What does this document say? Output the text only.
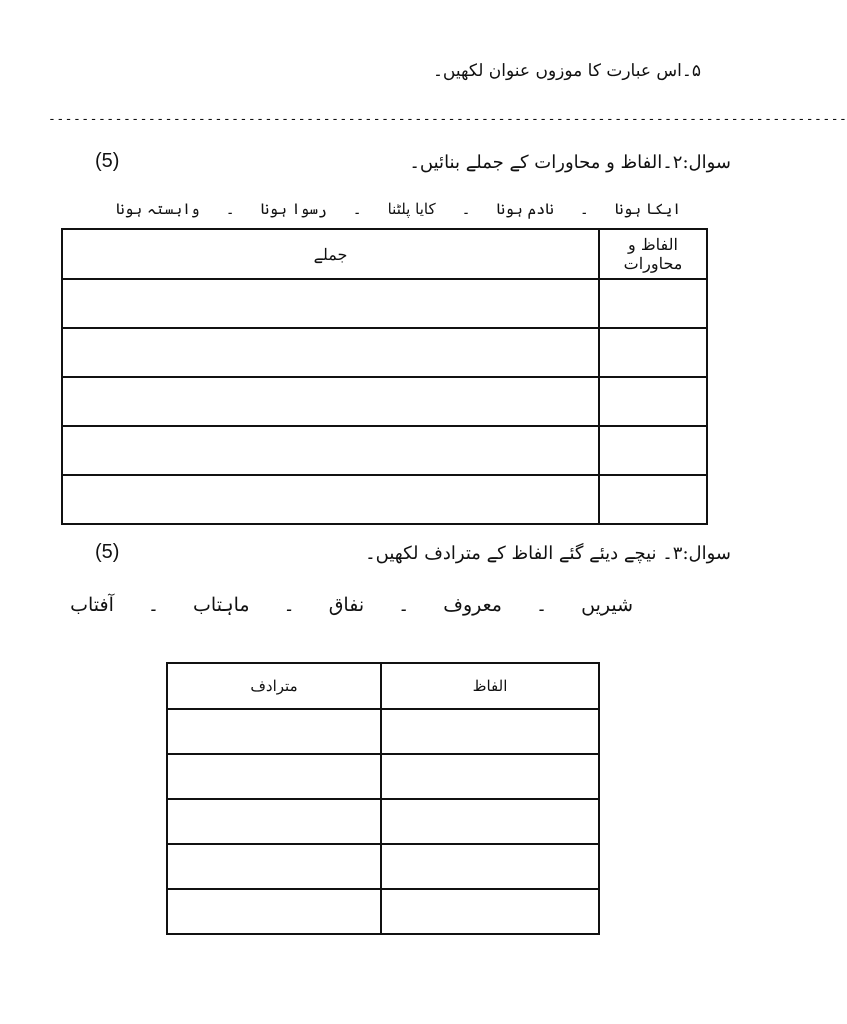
۵۔اس عبارت کا موزوں عنوان لکھیں۔
------------------------------------------------------------------------------------------------
سوال:۲۔الفاظ و محاورات کے جملے بنائیں۔
(5)
ایکا ہونا
۔
نادم ہونا
۔
کایا پلٹنا
۔
رسوا ہونا
۔
وابستہ ہونا
الفاظ و محاورات	جملے

سوال:۳۔ نیچے دیئے گئے الفاظ کے مترادف لکھیں۔
(5)
شیریں
۔
معروف
۔
نفاق
۔
ماہتاب
۔
آفتاب
الفاظ	مترادف
